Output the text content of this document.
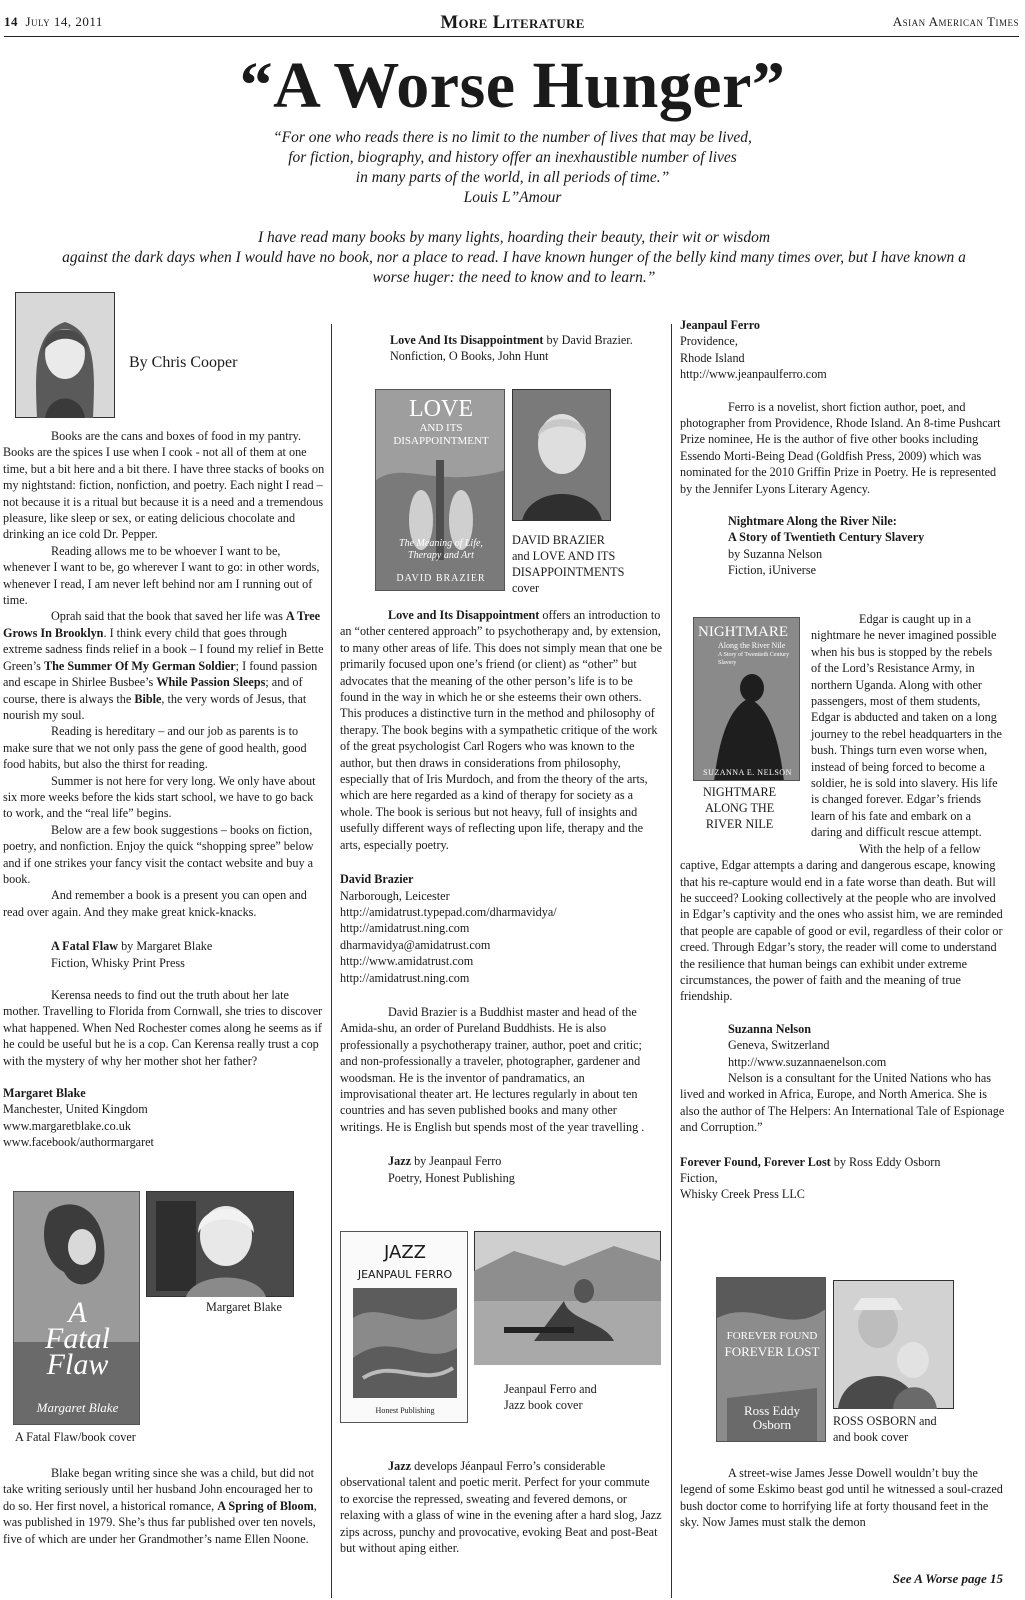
14 July 14, 2011	More Literature	Asian American Times
“A Worse Hunger”
“For one who reads there is no limit to the number of lives that may be lived,
for fiction, biography, and history offer an inexhaustible number of lives
in many parts of the world, in all periods of time.”
Louis L”Amour
I have read many books by many lights, hoarding their beauty, their wit or wisdom
against the dark days when I would have no book, nor a place to read. I have known hunger of the belly kind many times over, but I have known a
worse huger: the need to know and to learn.”
By Chris Cooper

Books are the cans and boxes of food in my pantry. Books are the spices I use when I cook - not all of them at one time, but a bit here and a bit there. I have three stacks of books on my nightstand: fiction, nonfiction, and poetry. Each night I read – not because it is a ritual but because it is a need and a tremendous pleasure, like sleep or sex, or eating delicious chocolate and drinking an ice cold Dr. Pepper.

Reading allows me to be whoever I want to be, whenever I want to be, go wherever I want to go: in other words, whenever I read, I am never left behind nor am I running out of time.

Oprah said that the book that saved her life was A Tree Grows In Brooklyn. I think every child that goes through extreme sadness finds relief in a book – I found my relief in Bette Green’s The Summer Of My German Soldier; I found passion and escape in Shirlee Busbee’s While Passion Sleeps; and of course, there is always the Bible, the very words of Jesus, that nourish my soul.

Reading is hereditary – and our job as parents is to make sure that we not only pass the gene of good health, good food habits, but also the thirst for reading.

Summer is not here for very long. We only have about six more weeks before the kids start school, we have to go back to work, and the “real life” begins.

Below are a few book suggestions – books on fiction, poetry, and nonfiction. Enjoy the quick “shopping spree” below and if one strikes your fancy visit the contact website and buy a book.

And remember a book is a present you can open and read over again. And they make great knick-knacks.

A Fatal Flaw by Margaret Blake

Fiction, Whisky Print Press

Kerensa needs to find out the truth about her late mother. Travelling to Florida from Cornwall, she tries to discover what happened. When Ned Rochester comes along he seems as if he could be useful but he is a cop. Can Kerensa really trust a cop with the mystery of why her mother shot her father?

Margaret Blake

Manchester, United Kingdom

www.margaretblake.co.uk

www.facebook/authormargaret

A
Fatal
Flaw
Margaret Blake
Margaret Blake
A Fatal Flaw/book cover

Blake began writing since she was a child, but did not take writing seriously until her husband John encouraged her to do so. Her first novel, a historical romance, A Spring of Bloom, was published in 1979. She’s thus far published over ten novels, five of which are under her Grandmother’s name Ellen Noone.

Love And Its Disappointment by David Brazier.

Nonfiction, O Books, John Hunt

LOVE
AND ITS
DISAPPOINTMENT
The Meaning of Life, Therapy and Art
DAVID BRAZIER
DAVID BRAZIER
and LOVE AND ITS
DISAPPOINTMENTS
cover

Love and Its Disappointment offers an introduction to an “other centered approach” to psychotherapy and, by extension, to many other areas of life. This does not simply mean that one be primarily focused upon one’s friend (or client) as “other” but advocates that the meaning of the other person’s life is to be found in the way in which he or she esteems their own others. This produces a distinctive turn in the method and philosophy of therapy. The book begins with a sympathetic critique of the work of the great psychologist Carl Rogers who was known to the author, but then draws in considerations from philosophy, especially that of Iris Murdoch, and from the theory of the arts, which are here regarded as a kind of therapy for society as a whole. The book is serious but not heavy, full of insights and usefully different ways of reflecting upon life, therapy and the arts, especially poetry.

David Brazier

Narborough, Leicester

http://amidatrust.typepad.com/dharmavidya/

http://amidatrust.ning.com

dharmavidya@amidatrust.com

http://www.amidatrust.com

http://amidatrust.ning.com

David Brazier is a Buddhist master and head of the Amida-shu, an order of Pureland Buddhists. He is also professionally a psychotherapy trainer, author, poet and critic; and non-professionally a traveler, photographer, gardener and woodsman. He is the inventor of pandramatics, an improvisational theater art. He lectures regularly in about ten countries and has seven published books and many other writings. He is English but spends most of the year travelling .

Jazz by Jeanpaul Ferro

Poetry, Honest Publishing

JAZZ
JEANPAUL FERRO
Honest Publishing
Jeanpaul Ferro and
Jazz book cover

Jazz develops Jéanpaul Ferro’s considerable observational talent and poetic merit. Perfect for your commute to exorcise the repressed, sweating and fevered demons, or relaxing with a glass of wine in the evening after a hard slog, Jazz zips across, punchy and provocative, evoking Beat and post-Beat but without aping either.

Jeanpaul Ferro

Providence,

Rhode Island

http://www.jeanpaulferro.com

Ferro is a novelist, short fiction author, poet, and photographer from Providence, Rhode Island. An 8-time Pushcart Prize nominee, He is the author of five other books including Essendo Morti-Being Dead (Goldfish Press, 2009) which was nominated for the 2010 Griffin Prize in Poetry. He is represented by the Jennifer Lyons Literary Agency.

Nightmare Along the River Nile:

A Story of Twentieth Century Slavery

by Suzanna Nelson

Fiction, iUniverse

NIGHTMARE
Along the River Nile
A Story of Twentieth Century Slavery
SUZANNA E. NELSON
NIGHTMARE
ALONG THE
RIVER NILE

Edgar is caught up in a nightmare he never imagined possible when his bus is stopped by the rebels of the Lord’s Resistance Army, in northern Uganda. Along with other passengers, most of them students, Edgar is abducted and taken on a long journey to the rebel headquarters in the bush. Things turn even worse when, instead of being forced to become a soldier, he is sold into slavery. His life is changed forever. Edgar’s friends learn of his fate and embark on a daring and difficult rescue attempt.

With the help of a fellow captive, Edgar attempts a daring and dangerous escape, knowing that his re-capture would end in a fate worse than death. But will he succeed? Looking collectively at the people who are involved in Edgar’s captivity and the ones who assist him, we are reminded that people are capable of good or evil, regardless of their color or creed. Through Edgar’s story, the reader will come to understand the resilience that human beings can exhibit under extreme circumstances, the power of faith and the meaning of true friendship.

Suzanna Nelson

Geneva, Switzerland

http://www.suzannaenelson.com

Nelson is a consultant for the United Nations who has lived and worked in Africa, Europe, and North America. She is also the author of The Helpers: An International Tale of Espionage and Corruption.”

Forever Found, Forever Lost by Ross Eddy Osborn

Fiction,

Whisky Creek Press LLC

FOREVER FOUND
FOREVER LOST
Ross Eddy
Osborn	ROSS OSBORN and
and book cover

A street-wise James Jesse Dowell wouldn’t buy the legend of some Eskimo beast god until he witnessed a soul-crazed bush doctor come to horrifying life at forty thousand feet in the sky. Now James must stalk the demon

See A Worse page 15
